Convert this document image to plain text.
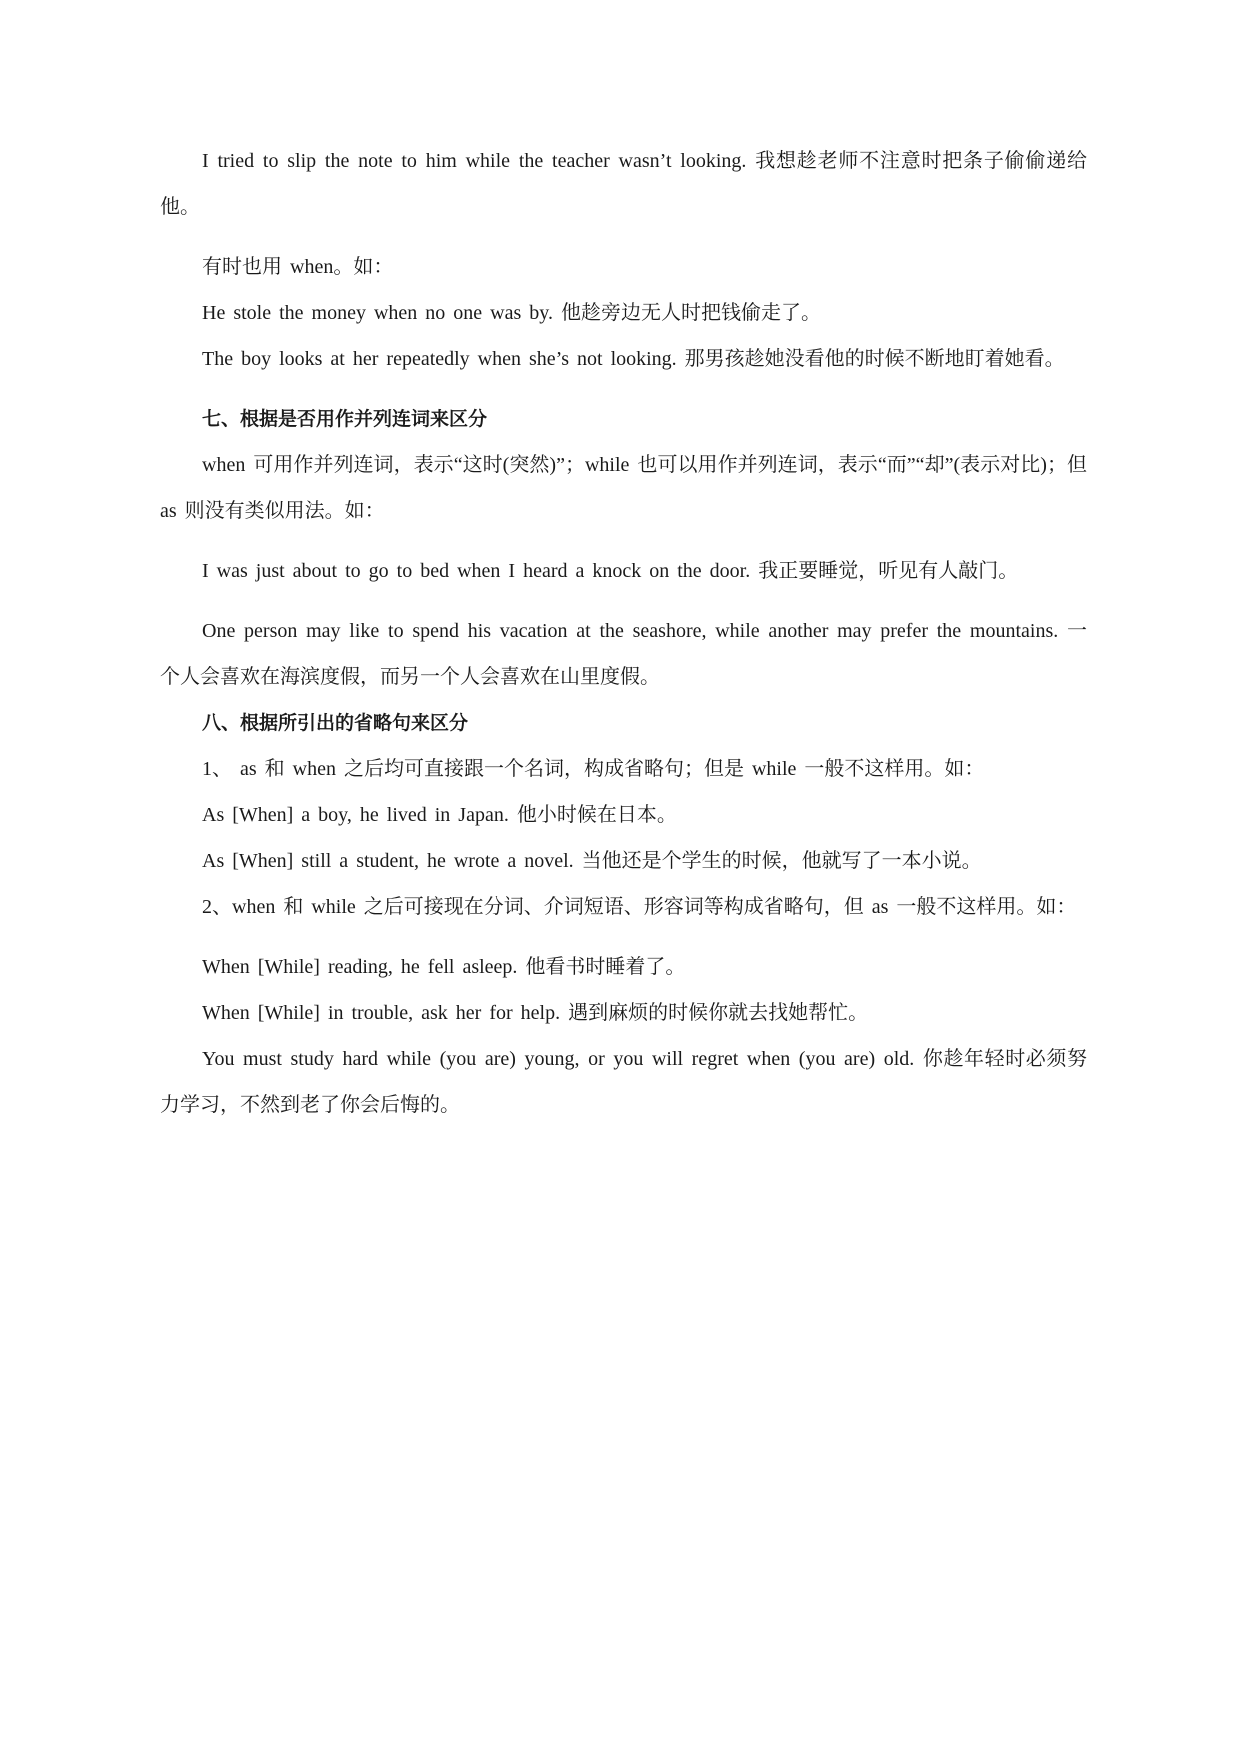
I tried to slip the note to him while the teacher wasn’t looking. 我想趁老师不注意时把条子偷偷递给他。

有时也用 when。如：

He stole the money when no one was by. 他趁旁边无人时把钱偷走了。

The boy looks at her repeatedly when she’s not looking. 那男孩趁她没看他的时候不断地盯着她看。

七、根据是否用作并列连词来区分

when 可用作并列连词，表示“这时(突然)”；while 也可以用作并列连词，表示“而”“却”(表示对比)；但 as 则没有类似用法。如：

I was just about to go to bed when I heard a knock on the door. 我正要睡觉，听见有人敲门。

One person may like to spend his vacation at the seashore, while another may prefer the mountains. 一个人会喜欢在海滨度假，而另一个人会喜欢在山里度假。

八、根据所引出的省略句来区分

1、 as 和 when 之后均可直接跟一个名词，构成省略句；但是 while 一般不这样用。如：

As [When] a boy, he lived in Japan. 他小时候在日本。

As [When] still a student, he wrote a novel. 当他还是个学生的时候，他就写了一本小说。

2、when 和 while 之后可接现在分词、介词短语、形容词等构成省略句，但 as 一般不这样用。如：

When [While] reading, he fell asleep. 他看书时睡着了。

When [While] in trouble, ask her for help. 遇到麻烦的时候你就去找她帮忙。

You must study hard while (you are) young, or you will regret when (you are) old. 你趁年轻时必须努力学习，不然到老了你会后悔的。
